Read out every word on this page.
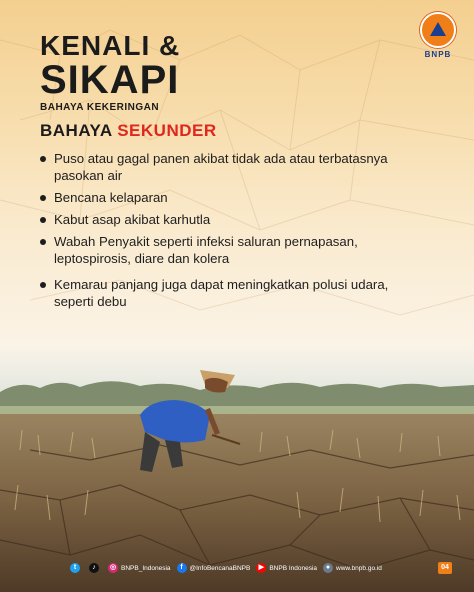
BNPB
KENALI &
SIKAPI
BAHAYA KEKERINGAN
BAHAYA SEKUNDER
Puso atau gagal panen akibat tidak ada atau terbatasnya pasokan air
Bencana kelaparan
Kabut asap akibat karhutla
Wabah Penyakit seperti infeksi saluran pernapasan, leptospirosis, diare dan kolera
Kemarau panjang juga dapat meningkatkan polusi udara, seperti debu
t	♪	◎ BNPB_Indonesia	f	@InfoBencanaBNPB	▶ BNPB Indonesia	● www.bnpb.go.id	04
